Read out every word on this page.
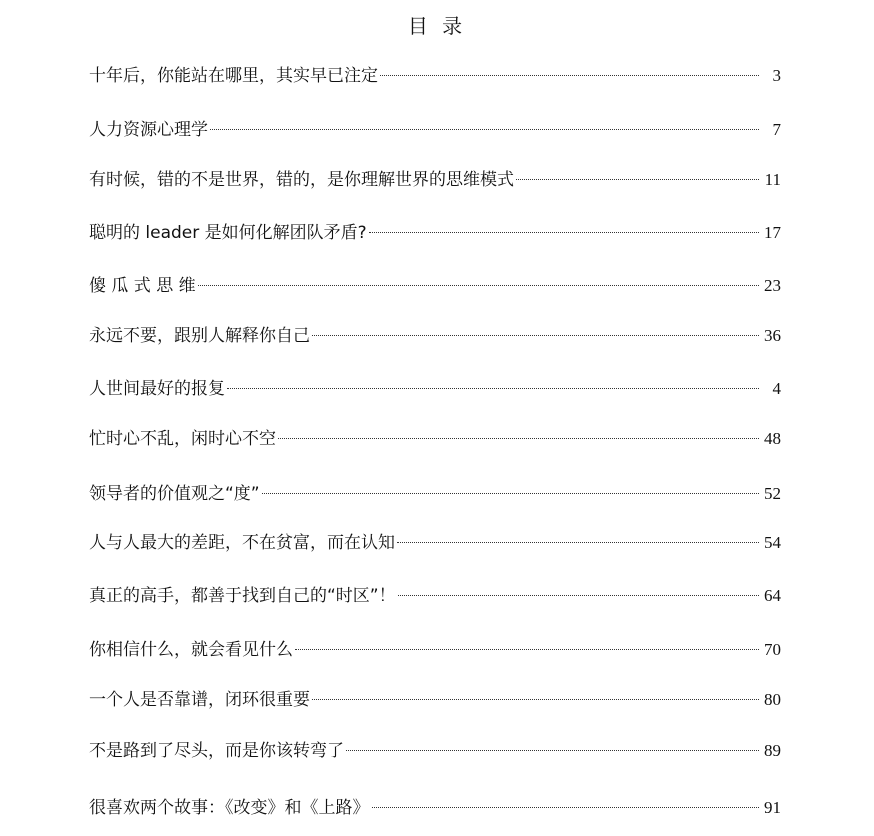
目 录
十年后，你能站在哪里，其实早已注定	3
人力资源心理学	7
有时候，错的不是世界，错的，是你理解世界的思维模式	11
聪明的 leader 是如何化解团队矛盾?	17
傻 瓜 式 思 维	23
永远不要，跟别人解释你自己	36
人世间最好的报复	4
忙时心不乱，闲时心不空	48
领导者的价值观之“度”	52
人与人最大的差距，不在贫富，而在认知	54
真正的高手，都善于找到自己的“时区”！	64
你相信什么，就会看见什么	70
一个人是否靠谱，闭环很重要	80
不是路到了尽头，而是你该转弯了	89
很喜欢两个故事：《改变》和《上路》	91
